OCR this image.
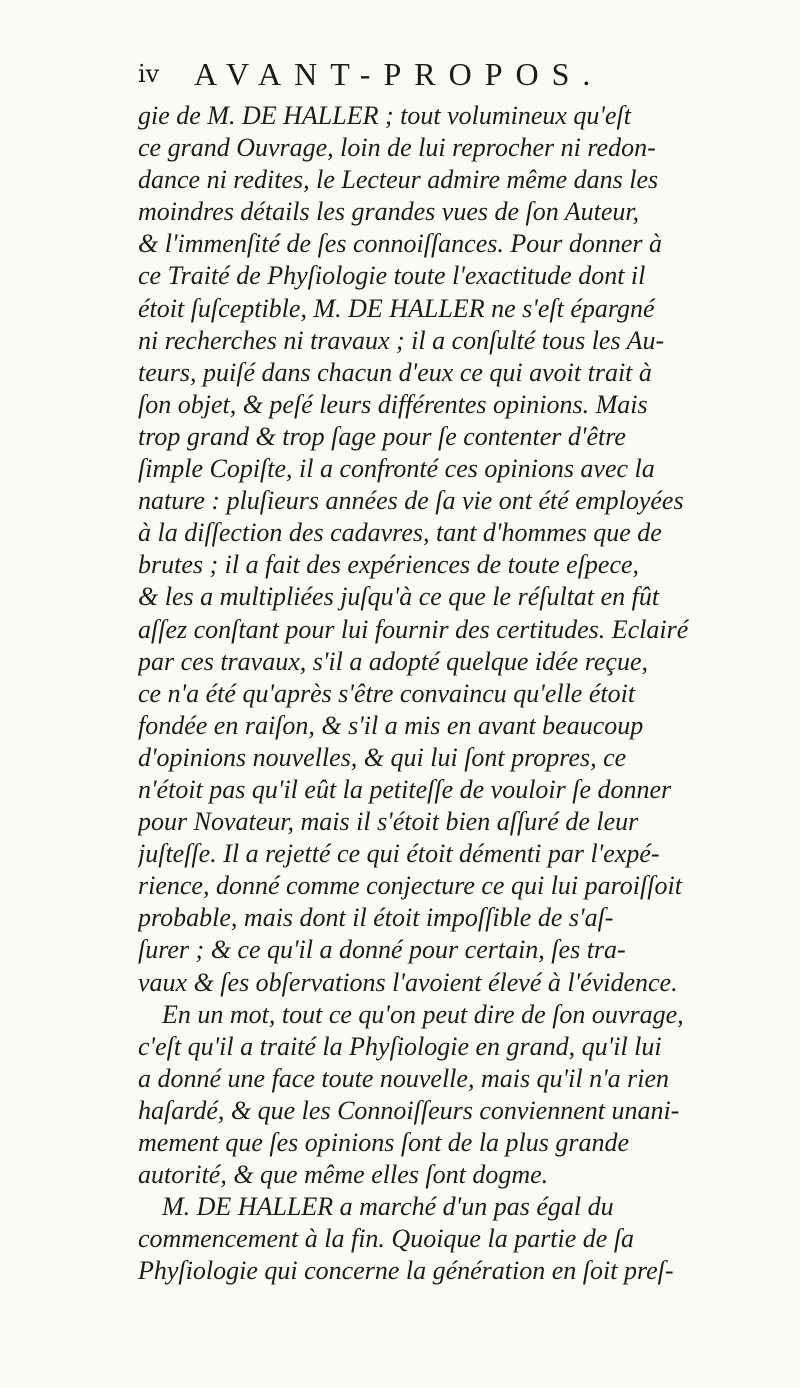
iv AVANT-PROPOS.
gie de M. DE HALLER ; tout volumineux qu'eſt
ce grand Ouvrage, loin de lui reprocher ni redon-
dance ni redites, le Lecteur admire même dans les
moindres détails les grandes vues de ſon Auteur,
& l'immenſité de ſes connoiſſances. Pour donner à
ce Traité de Phyſiologie toute l'exactitude dont il
étoit ſuſceptible, M. DE HALLER ne s'eſt épargné
ni recherches ni travaux ; il a conſulté tous les Au-
teurs, puiſé dans chacun d'eux ce qui avoit trait à
ſon objet, & peſé leurs différentes opinions. Mais
trop grand & trop ſage pour ſe contenter d'être
ſimple Copiſte, il a confronté ces opinions avec la
nature : pluſieurs années de ſa vie ont été employées
à la diſſection des cadavres, tant d'hommes que de
brutes ; il a fait des expériences de toute eſpece,
& les a multipliées juſqu'à ce que le réſultat en fût
aſſez conſtant pour lui fournir des certitudes. Eclairé
par ces travaux, s'il a adopté quelque idée reçue,
ce n'a été qu'après s'être convaincu qu'elle étoit
fondée en raiſon, & s'il a mis en avant beaucoup
d'opinions nouvelles, & qui lui ſont propres, ce
n'étoit pas qu'il eût la petiteſſe de vouloir ſe donner
pour Novateur, mais il s'étoit bien aſſuré de leur
juſteſſe. Il a rejetté ce qui étoit démenti par l'expé-
rience, donné comme conjecture ce qui lui paroiſſoit
probable, mais dont il étoit impoſſible de s'aſ-
ſurer ; & ce qu'il a donné pour certain, ſes tra-
vaux & ſes obſervations l'avoient élevé à l'évidence.
En un mot, tout ce qu'on peut dire de ſon ouvrage,
c'eſt qu'il a traité la Phyſiologie en grand, qu'il lui
a donné une face toute nouvelle, mais qu'il n'a rien
haſardé, & que les Connoiſſeurs conviennent unani-
mement que ſes opinions ſont de la plus grande
autorité, & que même elles ſont dogme.
M. DE HALLER a marché d'un pas égal du
commencement à la fin. Quoique la partie de ſa
Phyſiologie qui concerne la génération en ſoit preſ-
